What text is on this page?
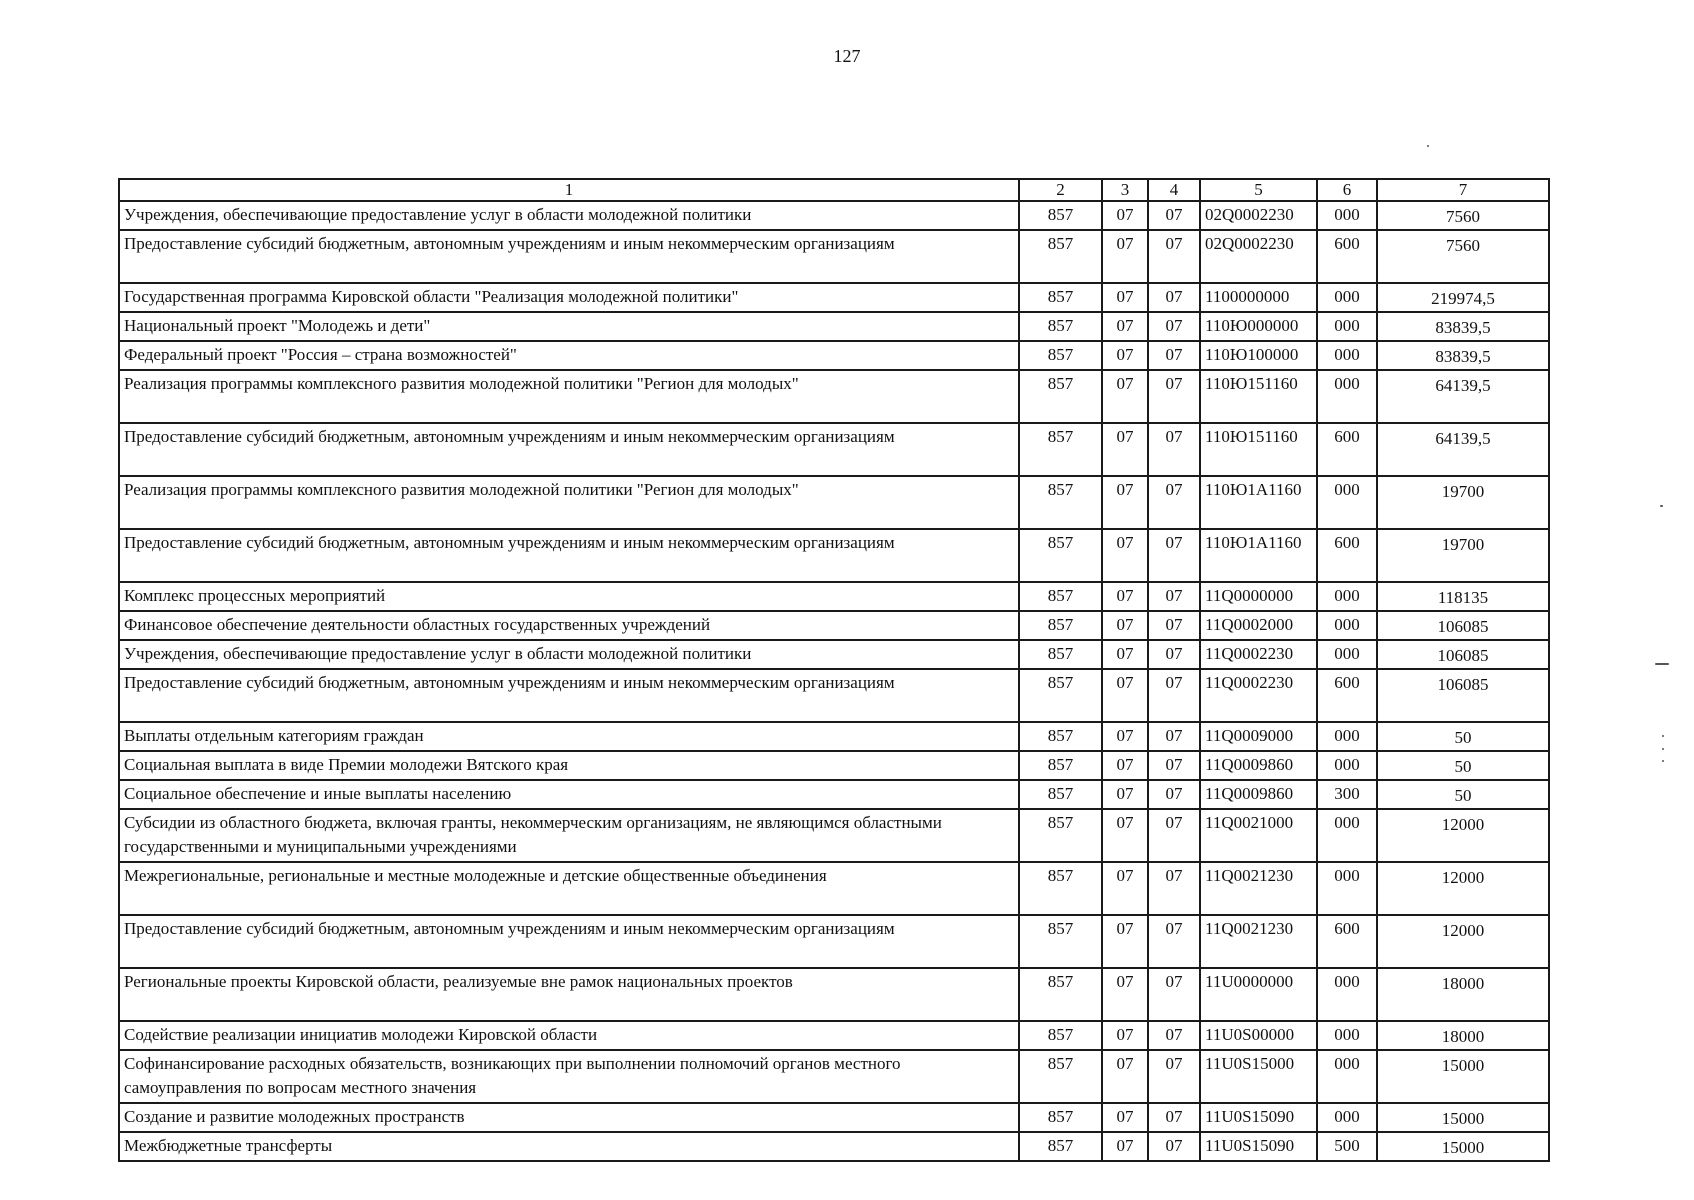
127
1	2	3	4	5	6	7
Учреждения, обеспечивающие предоставление услуг в области молодежной политики	857	07	07	02Q0002230	000	7560
Предоставление субсидий бюджетным, автономным учреждениям и иным некоммерческим организациям	857	07	07	02Q0002230	600	7560
Государственная программа Кировской области "Реализация молодежной политики"	857	07	07	1100000000	000	219974,5
Национальный проект "Молодежь и дети"	857	07	07	110Ю000000	000	83839,5
Федеральный проект "Россия – страна возможностей"	857	07	07	110Ю100000	000	83839,5
Реализация программы комплексного развития молодежной политики "Регион для молодых"	857	07	07	110Ю151160	000	64139,5
Предоставление субсидий бюджетным, автономным учреждениям и иным некоммерческим организациям	857	07	07	110Ю151160	600	64139,5
Реализация программы комплексного развития молодежной политики "Регион для молодых"	857	07	07	110Ю1А1160	000	19700
Предоставление субсидий бюджетным, автономным учреждениям и иным некоммерческим организациям	857	07	07	110Ю1А1160	600	19700
Комплекс процессных мероприятий	857	07	07	11Q0000000	000	118135
Финансовое обеспечение деятельности областных государственных учреждений	857	07	07	11Q0002000	000	106085
Учреждения, обеспечивающие предоставление услуг в области молодежной политики	857	07	07	11Q0002230	000	106085
Предоставление субсидий бюджетным, автономным учреждениям и иным некоммерческим организациям	857	07	07	11Q0002230	600	106085
Выплаты отдельным категориям граждан	857	07	07	11Q0009000	000	50
Социальная выплата в виде Премии молодежи Вятского края	857	07	07	11Q0009860	000	50
Социальное обеспечение и иные выплаты населению	857	07	07	11Q0009860	300	50
Субсидии из областного бюджета, включая гранты, некоммерческим организациям, не являющимся областными государственными и муниципальными учреждениями	857	07	07	11Q0021000	000	12000
Межрегиональные, региональные и местные молодежные и детские общественные объединения	857	07	07	11Q0021230	000	12000
Предоставление субсидий бюджетным, автономным учреждениям и иным некоммерческим организациям	857	07	07	11Q0021230	600	12000
Региональные проекты Кировской области, реализуемые вне рамок национальных проектов	857	07	07	11U0000000	000	18000
Содействие реализации инициатив молодежи Кировской области	857	07	07	11U0S00000	000	18000
Софинансирование расходных обязательств, возникающих при выполнении полномочий органов местного самоуправления по вопросам местного значения	857	07	07	11U0S15000	000	15000
Создание и развитие молодежных пространств	857	07	07	11U0S15090	000	15000
Межбюджетные трансферты	857	07	07	11U0S15090	500	15000
